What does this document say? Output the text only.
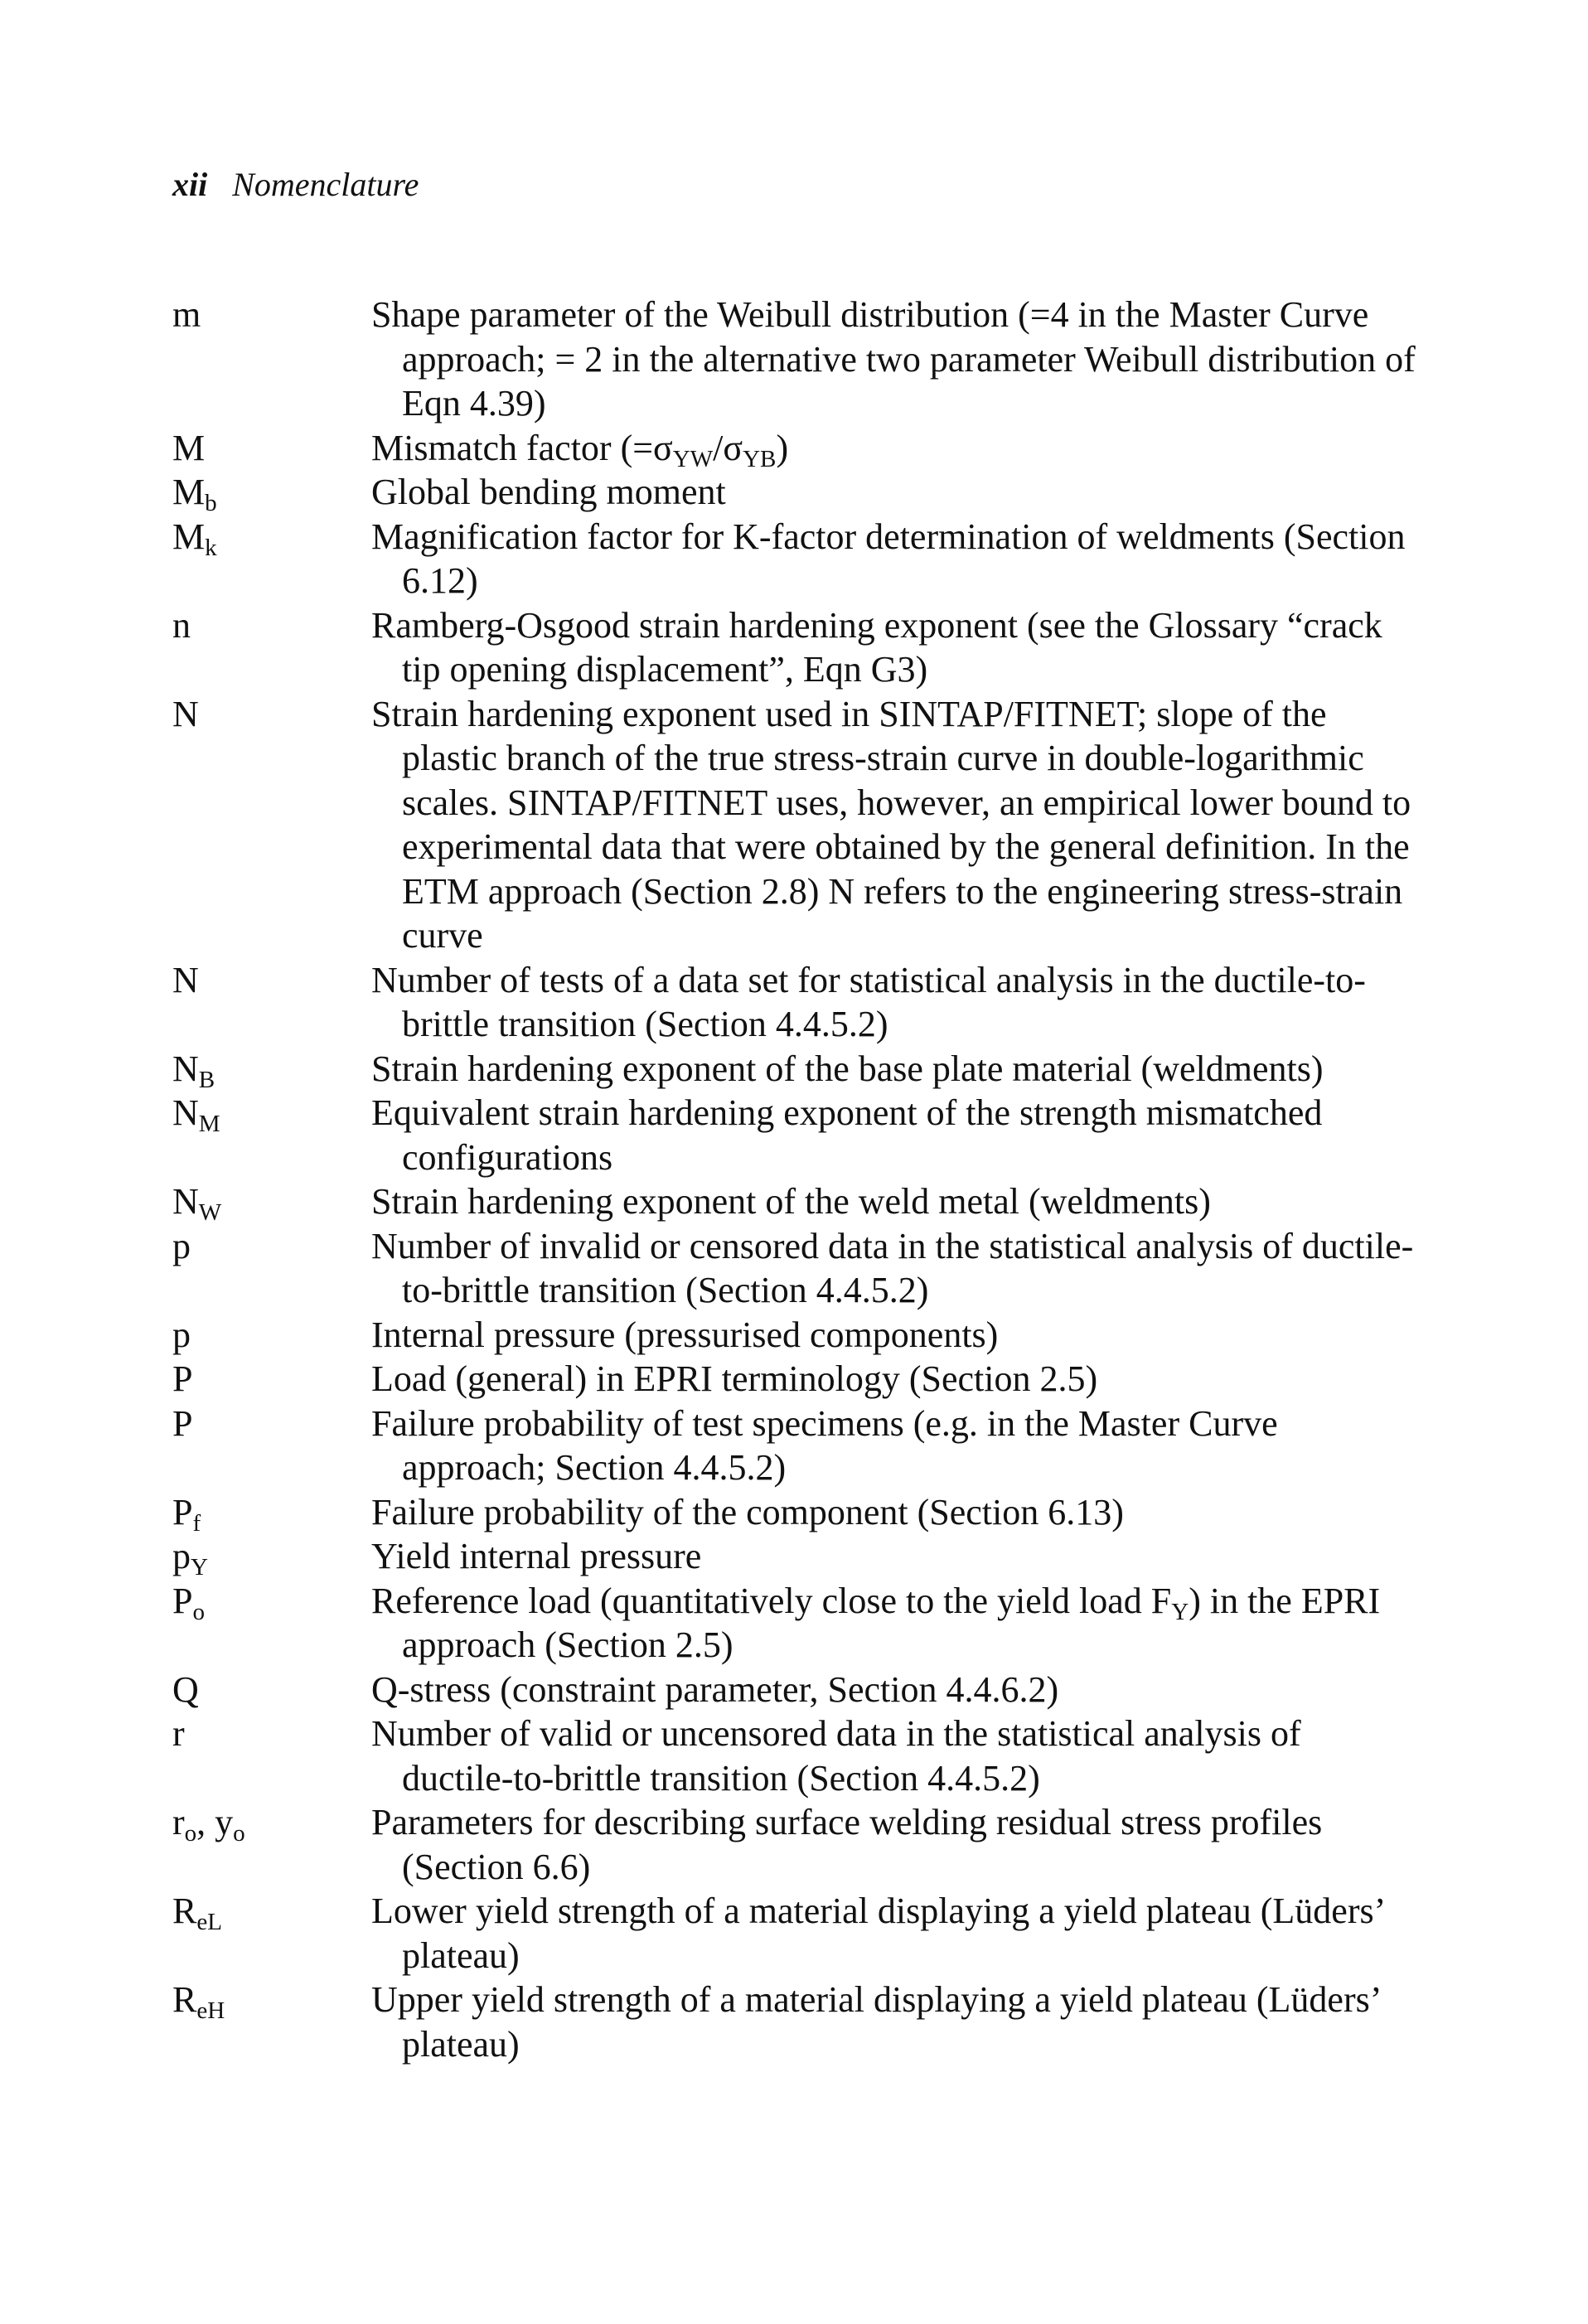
xii Nomenclature
m	Shape parameter of the Weibull distribution (=4 in the Master Curve approach; = 2 in the alternative two parameter Weibull distribution of Eqn 4.39)
M	Mismatch factor $(=\sigma_{YW}/\sigma_{YB})$
$M_b$	Global bending moment
$M_k$	Magnification factor for K-factor determination of weldments (Section 6.12)
n	Ramberg-Osgood strain hardening exponent (see the Glossary “crack tip opening displacement”, Eqn G3)
N	Strain hardening exponent used in SINTAP/FITNET; slope of the plastic branch of the true stress-strain curve in double-logarithmic scales. SINTAP/FITNET uses, however, an empirical lower bound to experimental data that were obtained by the general definition. In the ETM approach (Section 2.8) N refers to the engineering stress-strain curve
N	Number of tests of a data set for statistical analysis in the ductile-to-brittle transition (Section 4.4.5.2)
$N_B$	Strain hardening exponent of the base plate material (weldments)
$N_M$	Equivalent strain hardening exponent of the strength mismatched configurations
$N_W$	Strain hardening exponent of the weld metal (weldments)
p	Number of invalid or censored data in the statistical analysis of ductile-to-brittle transition (Section 4.4.5.2)
p	Internal pressure (pressurised components)
P	Load (general) in EPRI terminology (Section 2.5)
P	Failure probability of test specimens (e.g. in the Master Curve approach; Section 4.4.5.2)
$P_f$	Failure probability of the component (Section 6.13)
$p_Y$	Yield internal pressure
$P_o$	Reference load (quantitatively close to the yield load $F_Y$) in the EPRI approach (Section 2.5)
Q	Q-stress (constraint parameter, Section 4.4.6.2)
r	Number of valid or uncensored data in the statistical analysis of ductile-to-brittle transition (Section 4.4.5.2)
$r_o$, $y_o$	Parameters for describing surface welding residual stress profiles (Section 6.6)
$R_{eL}$	Lower yield strength of a material displaying a yield plateau (Lüders’ plateau)
$R_{eH}$	Upper yield strength of a material displaying a yield plateau (Lüders’ plateau)
